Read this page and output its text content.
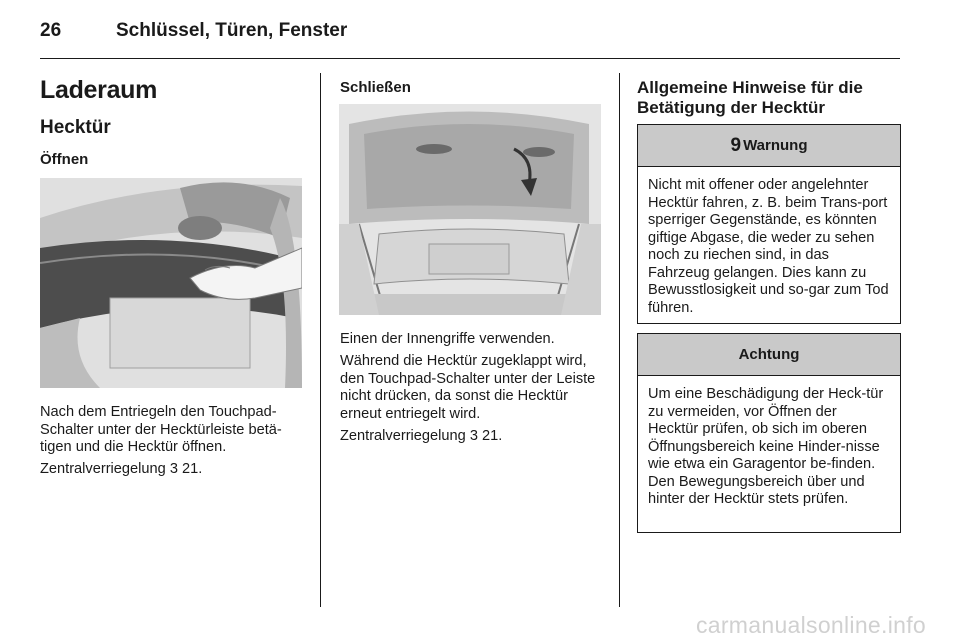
26	Schlüssel, Türen, Fenster
Laderaum
Hecktür
Öffnen
Nach dem Entriegeln den Touchpad-Schalter unter der Hecktürleiste betä-tigen und die Hecktür öffnen.
Zentralverriegelung 3 21.
Schließen
Einen der Innengriffe verwenden.
Während die Hecktür zugeklappt wird, den Touchpad-Schalter unter der Leiste nicht drücken, da sonst die Hecktür erneut entriegelt wird.
Zentralverriegelung 3 21.
Allgemeine Hinweise für die
Betätigung der Hecktür
9 Warnung
Nicht mit offener oder angelehnter Hecktür fahren, z. B. beim Trans-port sperriger Gegenstände, es könnten giftige Abgase, die weder zu sehen noch zu riechen sind, in das Fahrzeug gelangen. Dies kann zu Bewusstlosigkeit und so-gar zum Tod führen.
Achtung
Um eine Beschädigung der Heck-tür zu vermeiden, vor Öffnen der Hecktür prüfen, ob sich im oberen Öffnungsbereich keine Hinder-nisse wie etwa ein Garagentor be-finden. Den Bewegungsbereich über und hinter der Hecktür stets prüfen.
carmanualsonline.info
